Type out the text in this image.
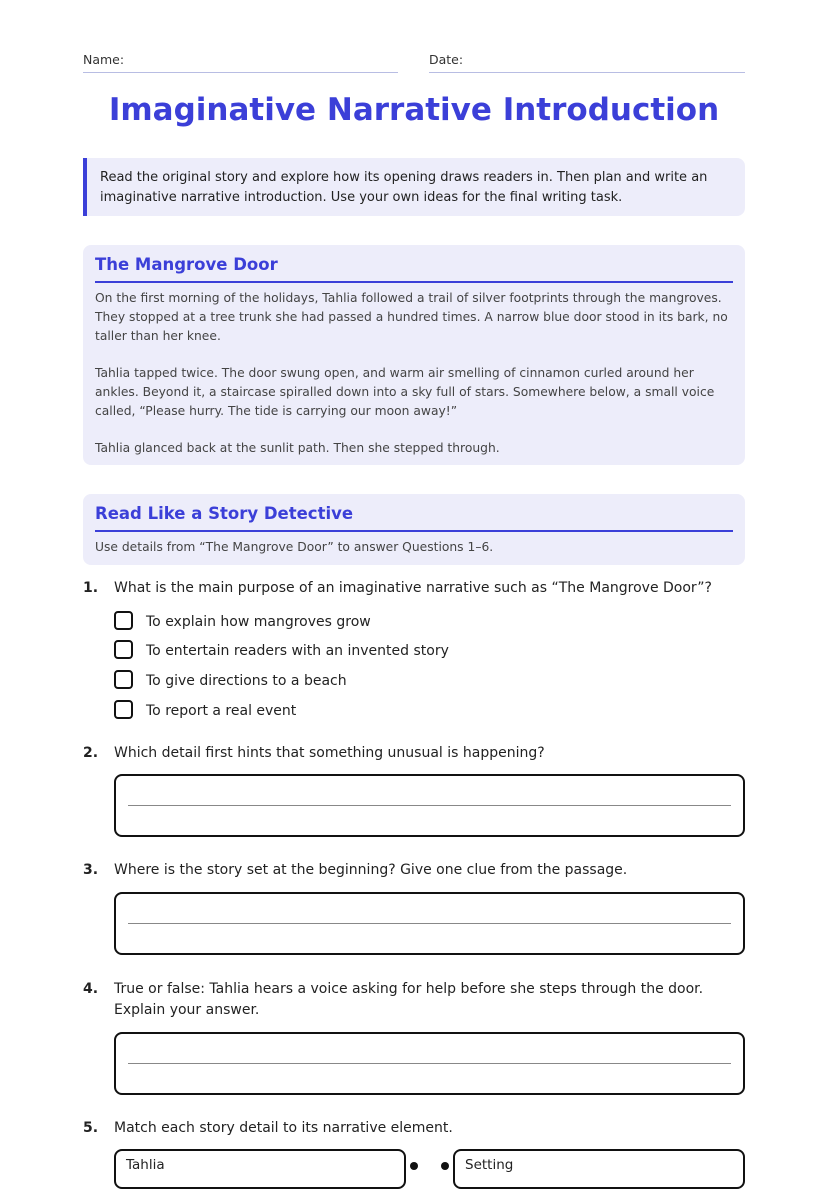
Name:	Date:
Imaginative Narrative Introduction
Read the original story and explore how its opening draws readers in. Then plan and write an imaginative narrative introduction. Use your own ideas for the final writing task.
The Mangrove Door

On the first morning of the holidays, Tahlia followed a trail of silver footprints through the mangroves. They stopped at a tree trunk she had passed a hundred times. A narrow blue door stood in its bark, no taller than her knee.

Tahlia tapped twice. The door swung open, and warm air smelling of cinnamon curled around her ankles. Beyond it, a staircase spiralled down into a sky full of stars. Somewhere below, a small voice called, “Please hurry. The tide is carrying our moon away!”

Tahlia glanced back at the sunlit path. Then she stepped through.

Read Like a Story Detective
Use details from “The Mangrove Door” to answer Questions 1–6.
1. What is the main purpose of an imaginative narrative such as “The Mangrove Door”?
To explain how mangroves grow
To entertain readers with an invented story
To give directions to a beach
To report a real event
2. Which detail first hints that something unusual is happening?
3. Where is the story set at the beginning? Give one clue from the passage.
4. True or false: Tahlia hears a voice asking for help before she steps through the door. Explain your answer.
5. Match each story detail to its narrative element.
Tahlia	Setting
